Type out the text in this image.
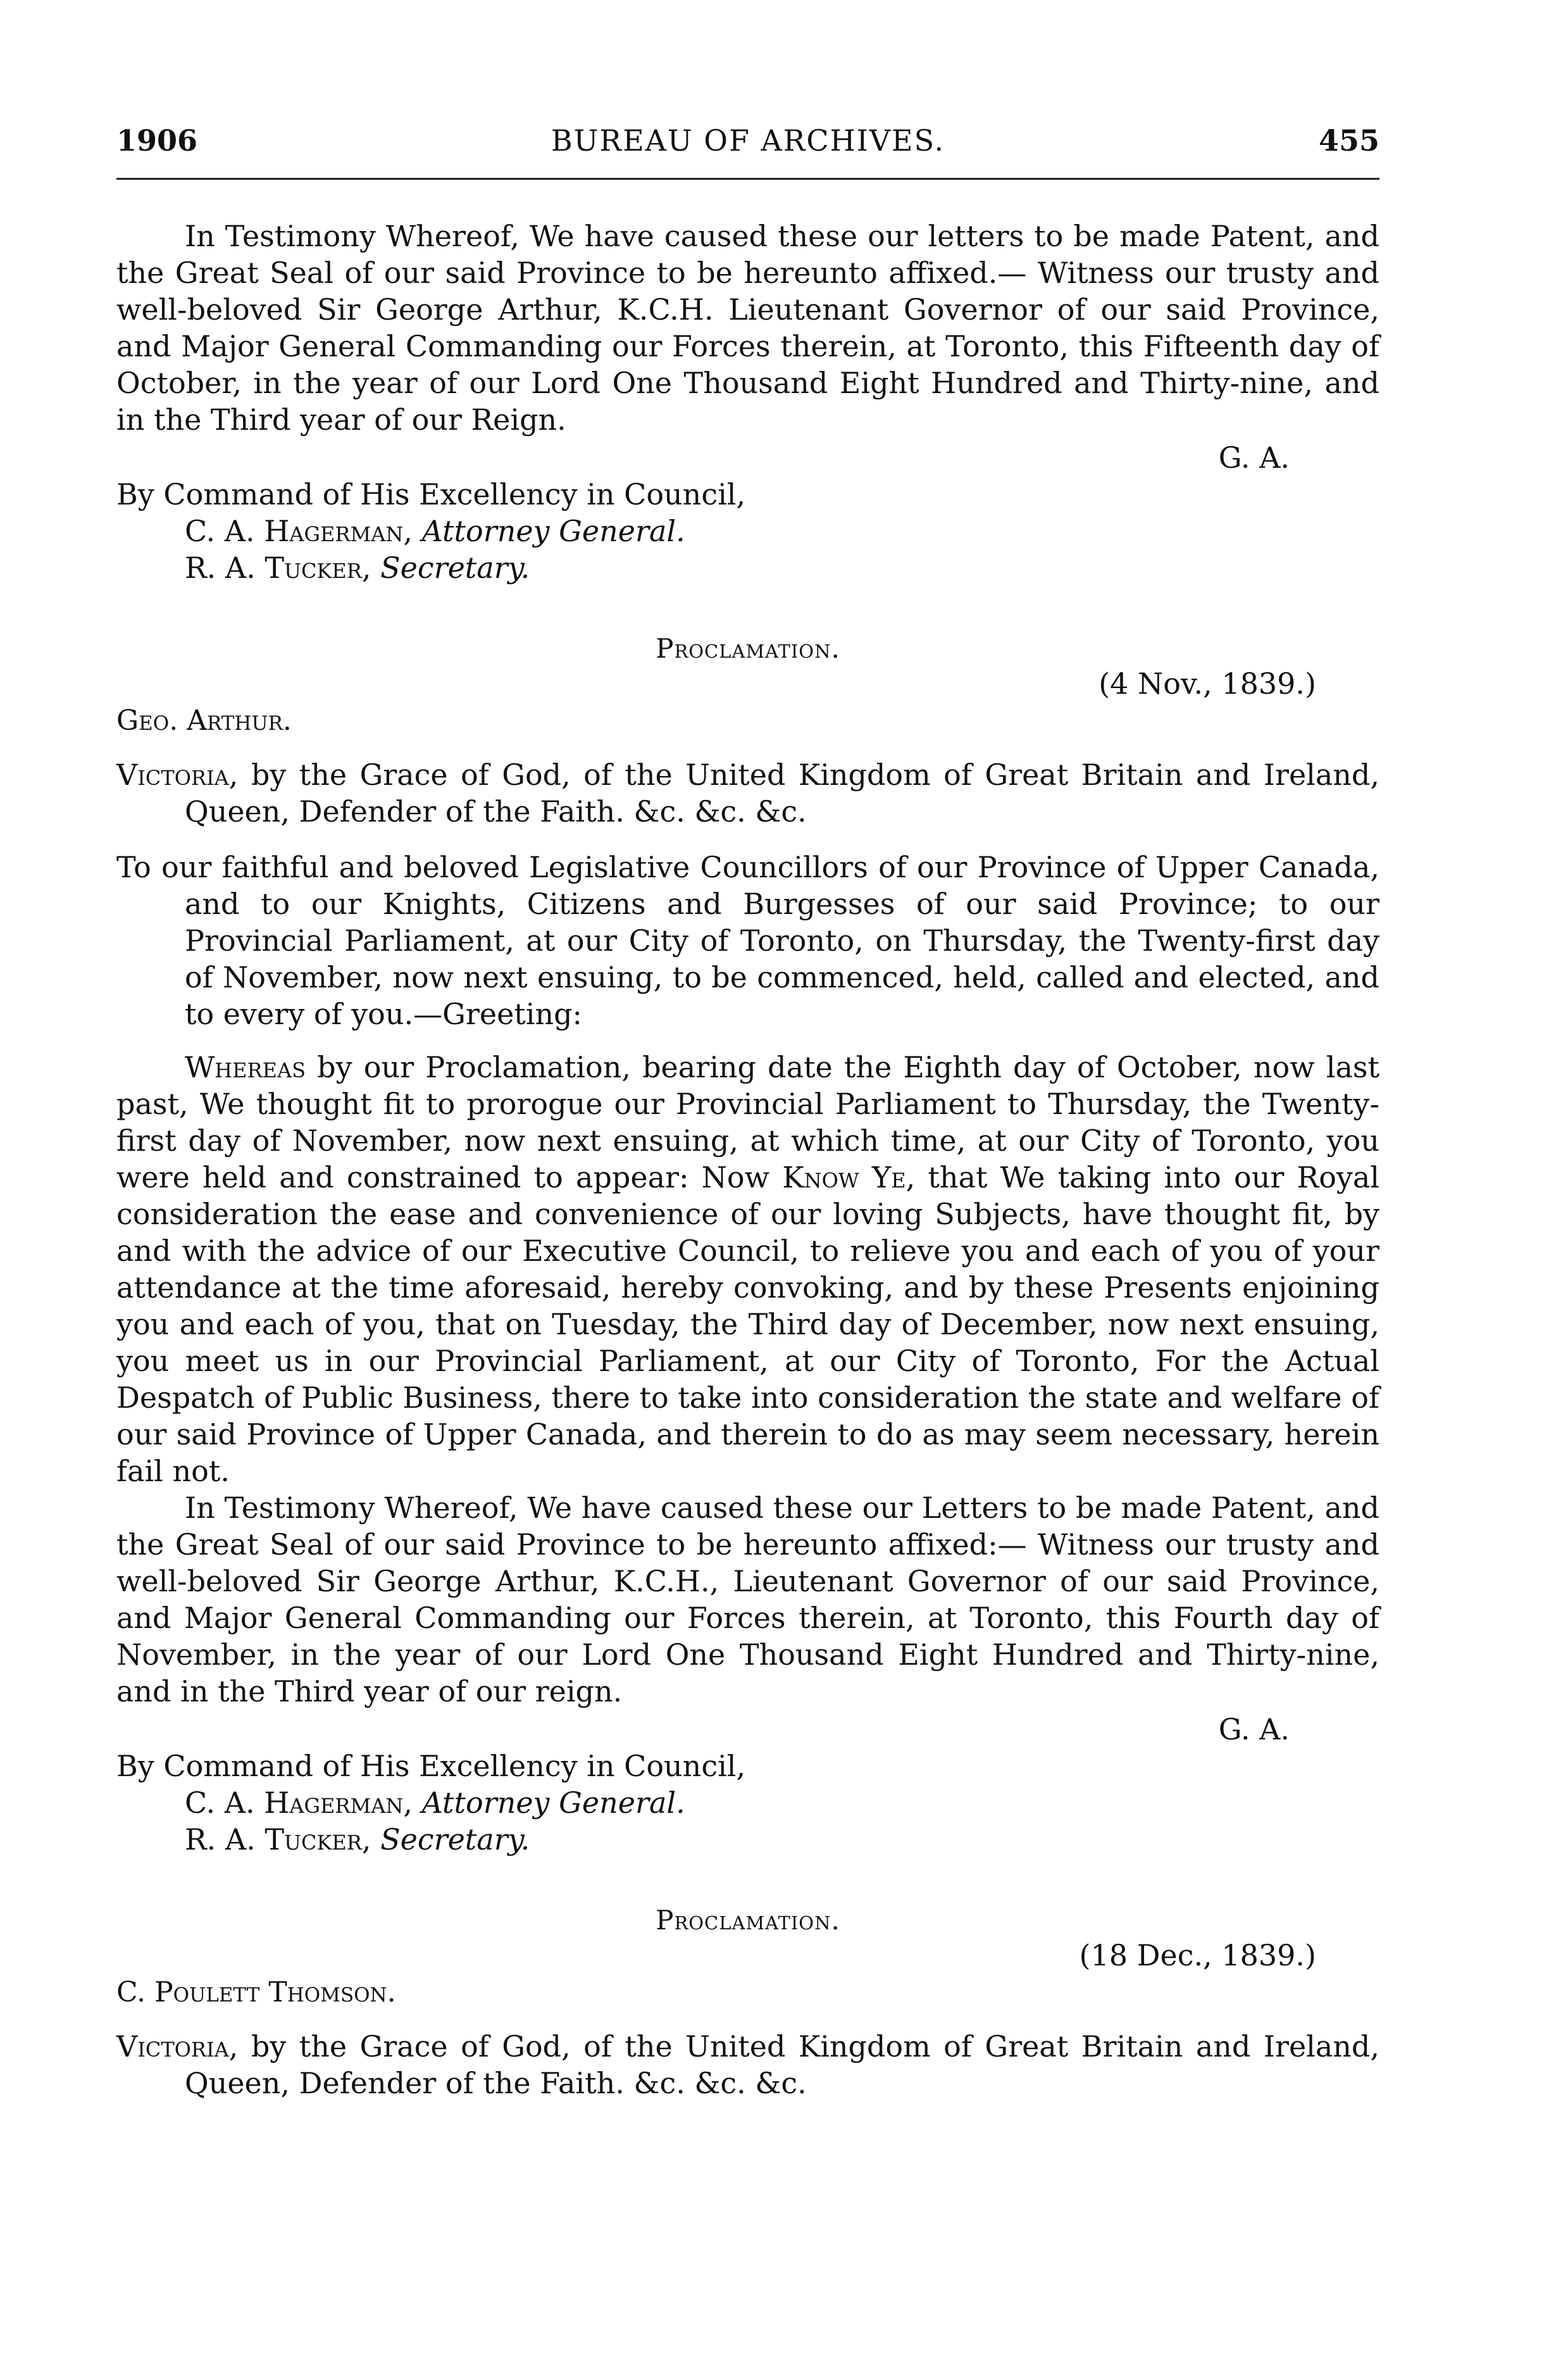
1906	BUREAU OF ARCHIVES.	455

In Testimony Whereof, We have caused these our letters to be made Patent, and the Great Seal of our said Province to be hereunto affixed.— Witness our trusty and well-beloved Sir George Arthur, K.C.H. Lieutenant Governor of our said Province, and Major General Commanding our Forces therein, at Toronto, this Fifteenth day of October, in the year of our Lord One Thousand Eight Hundred and Thirty-nine, and in the Third year of our Reign.

G. A.

By Command of His Excellency in Council,

C. A. Hagerman, Attorney General.
R. A. Tucker, Secretary.
Proclamation.
(4 Nov., 1839.)
Geo. Arthur.

Victoria, by the Grace of God, of the United Kingdom of Great Britain and Ireland, Queen, Defender of the Faith. &c. &c. &c.

To our faithful and beloved Legislative Councillors of our Province of Upper Canada, and to our Knights, Citizens and Burgesses of our said Province; to our Provincial Parliament, at our City of Toronto, on Thursday, the Twenty-first day of November, now next ensuing, to be commenced, held, called and elected, and to every of you.—Greeting:

Whereas by our Proclamation, bearing date the Eighth day of October, now last past, We thought fit to prorogue our Provincial Parliament to Thursday, the Twenty-first day of November, now next ensuing, at which time, at our City of Toronto, you were held and constrained to appear: Now Know Ye, that We taking into our Royal consideration the ease and convenience of our loving Subjects, have thought fit, by and with the advice of our Executive Council, to relieve you and each of you of your attendance at the time aforesaid, hereby convoking, and by these Presents enjoining you and each of you, that on Tuesday, the Third day of December, now next ensuing, you meet us in our Provincial Parliament, at our City of Toronto, For the Actual Despatch of Public Business, there to take into consideration the state and welfare of our said Province of Upper Canada, and therein to do as may seem necessary, herein fail not.

In Testimony Whereof, We have caused these our Letters to be made Patent, and the Great Seal of our said Province to be hereunto affixed:— Witness our trusty and well-beloved Sir George Arthur, K.C.H., Lieutenant Governor of our said Province, and Major General Commanding our Forces therein, at Toronto, this Fourth day of November, in the year of our Lord One Thousand Eight Hundred and Thirty-nine, and in the Third year of our reign.

G. A.

By Command of His Excellency in Council,

C. A. Hagerman, Attorney General.
R. A. Tucker, Secretary.
Proclamation.
(18 Dec., 1839.)
C. Poulett Thomson.

Victoria, by the Grace of God, of the United Kingdom of Great Britain and Ireland, Queen, Defender of the Faith. &c. &c. &c.
